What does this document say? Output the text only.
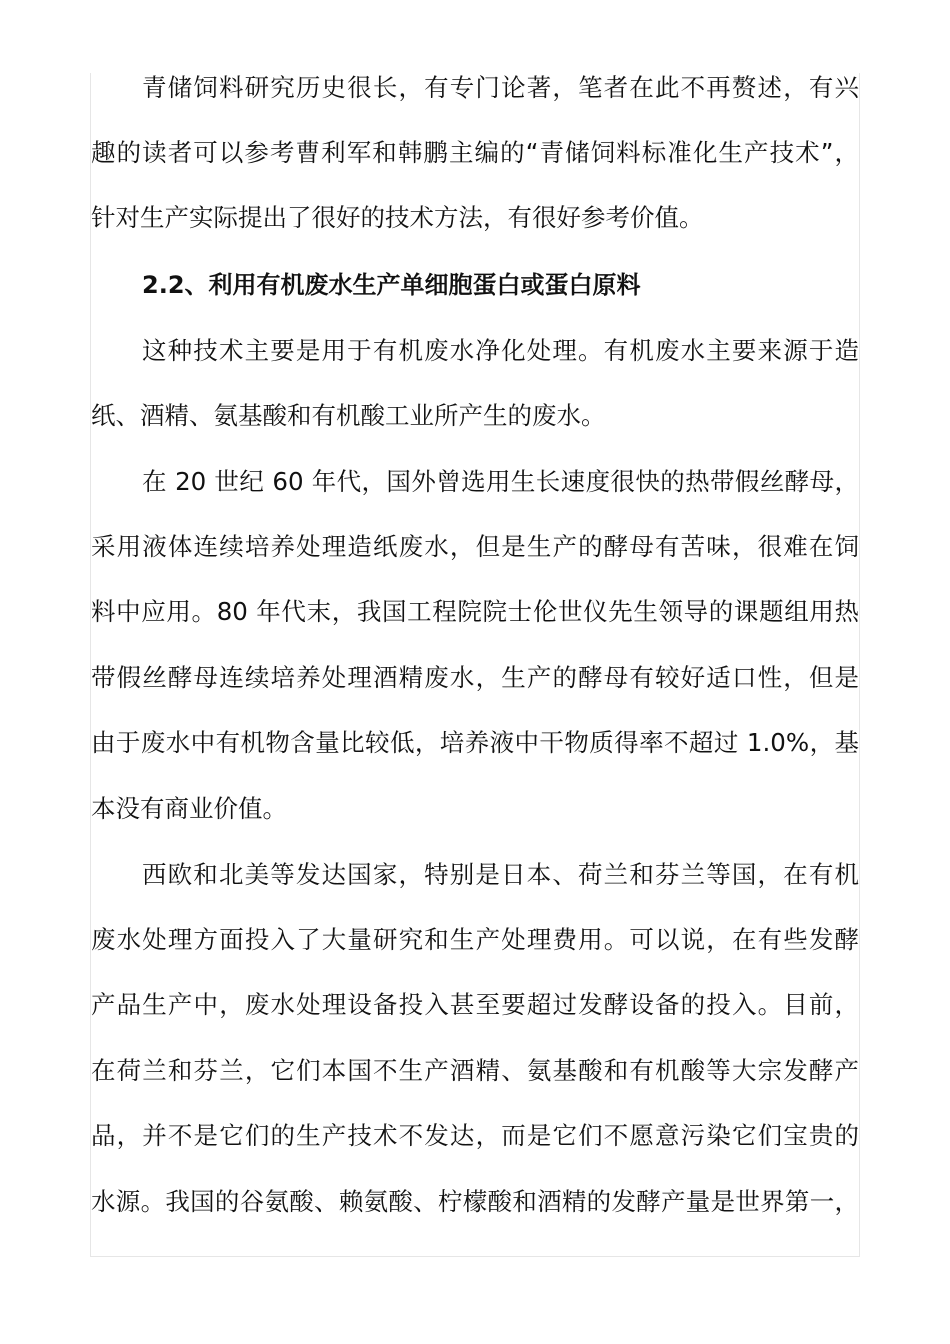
青储饲料研究历史很长，有专门论著，笔者在此不再赘述，有兴
趣的读者可以参考曹利军和韩鹏主编的“青储饲料标准化生产技术”，
针对生产实际提出了很好的技术方法，有很好参考价值。
2.2、利用有机废水生产单细胞蛋白或蛋白原料
这种技术主要是用于有机废水净化处理。有机废水主要来源于造
纸、酒精、氨基酸和有机酸工业所产生的废水。
在 20 世纪 60 年代，国外曾选用生长速度很快的热带假丝酵母，
采用液体连续培养处理造纸废水，但是生产的酵母有苦味，很难在饲
料中应用。80 年代末，我国工程院院士伦世仪先生领导的课题组用热
带假丝酵母连续培养处理酒精废水，生产的酵母有较好适口性，但是
由于废水中有机物含量比较低，培养液中干物质得率不超过 1.0%，基
本没有商业价值。
西欧和北美等发达国家，特别是日本、荷兰和芬兰等国，在有机
废水处理方面投入了大量研究和生产处理费用。可以说，在有些发酵
产品生产中，废水处理设备投入甚至要超过发酵设备的投入。目前，
在荷兰和芬兰，它们本国不生产酒精、氨基酸和有机酸等大宗发酵产
品，并不是它们的生产技术不发达，而是它们不愿意污染它们宝贵的
水源。我国的谷氨酸、赖氨酸、柠檬酸和酒精的发酵产量是世界第一，
